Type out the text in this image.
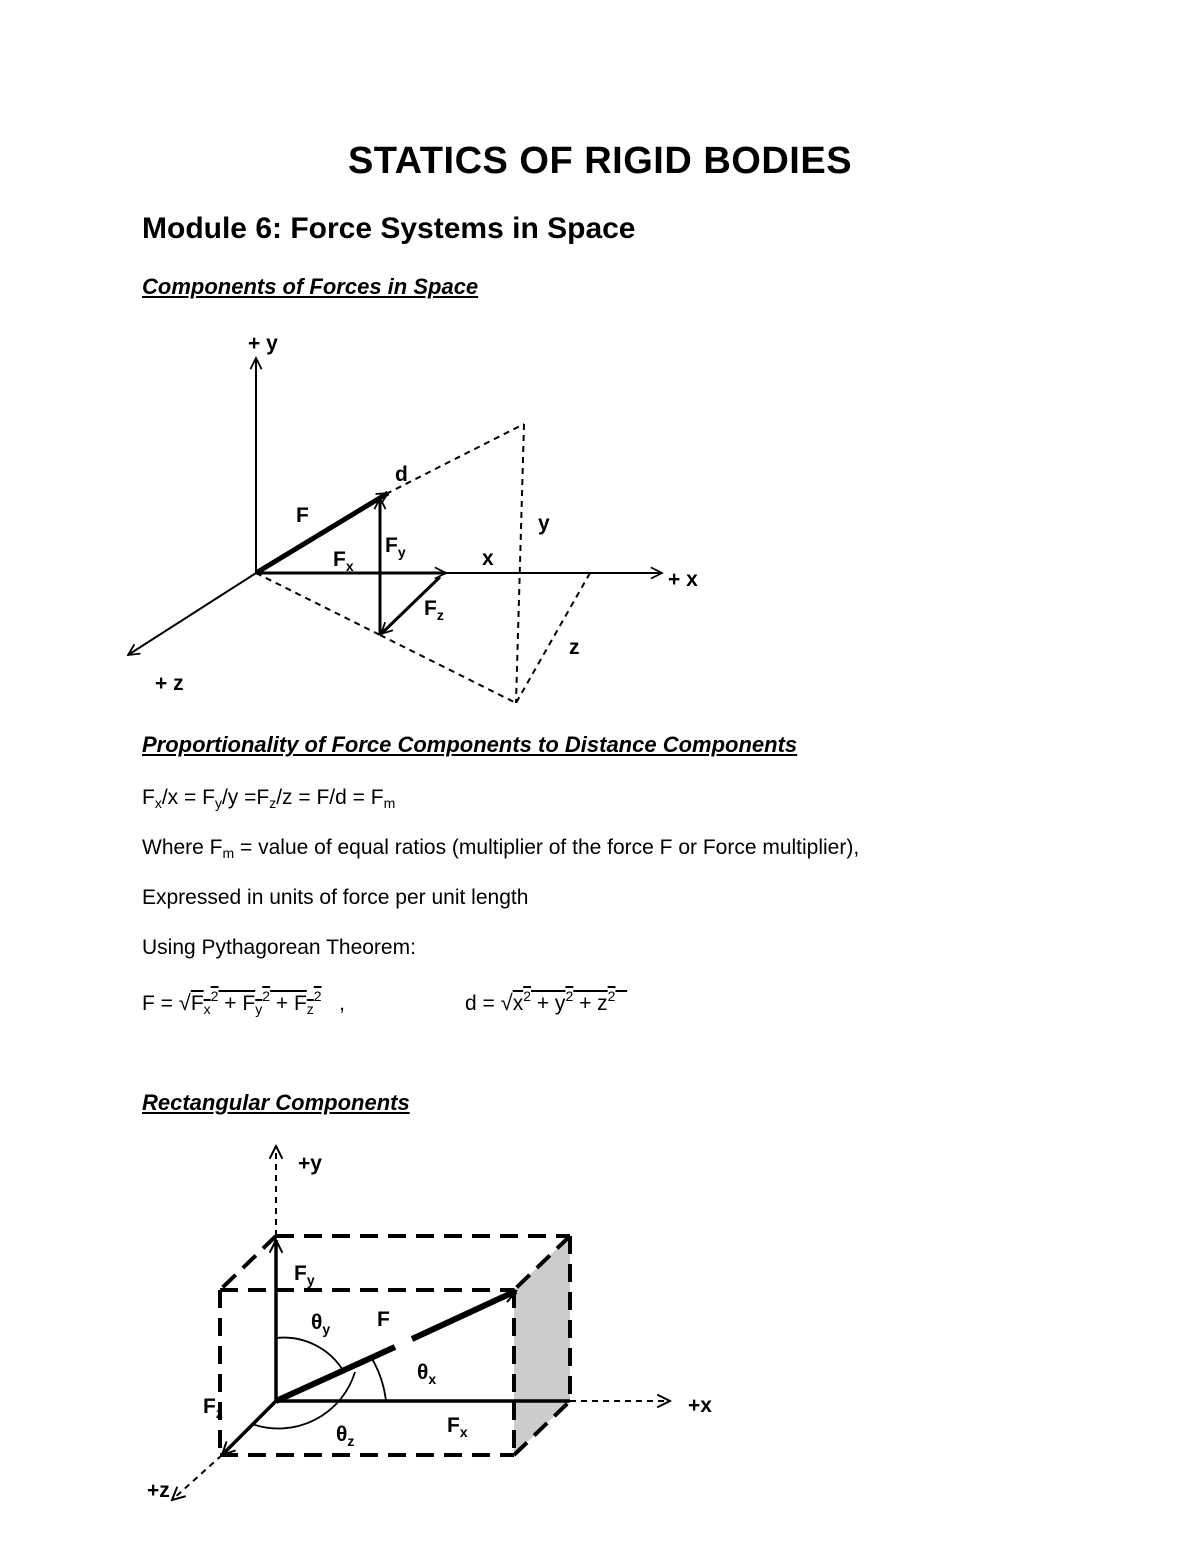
STATICS OF RIGID BODIES
Module 6: Force Systems in Space
Components of Forces in Space
+ y
+ x
+ z
F
d
$F_x$
$F_y$
$F_z$
x
y
z
Proportionality of Force Components to Distance Components
$F_x/x = F_y/y =F_z/z = F/d = F_m$
Where $F_m$ = value of equal ratios (multiplier of the force F or Force multiplier),
Expressed in units of force per unit length
Using Pythagorean Theorem:
$F = √F_x^2 + F_y^2 + F_z^2$   ,	$d = √x^2 + y^2 + z^2$
Rectangular Components
+y
+x
+z
F
$F_y$
$F_x$
$F_z$
$\theta_y$
$\theta_x$
$\theta_z$
